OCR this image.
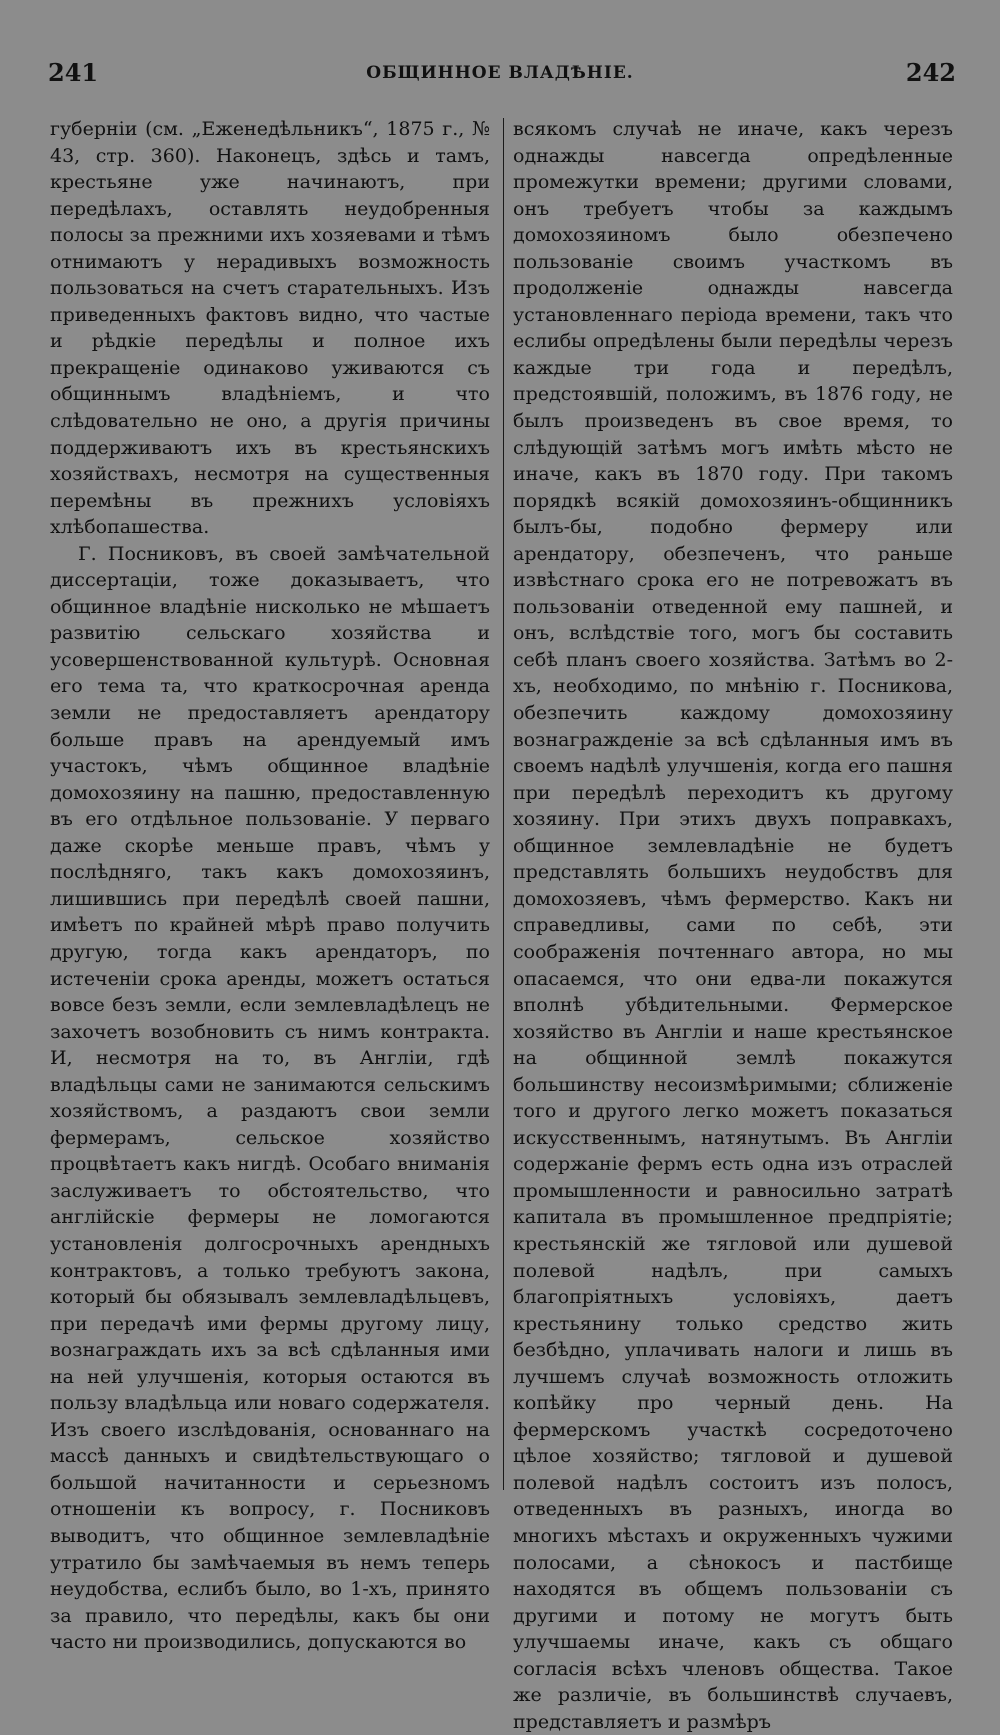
241	ОБЩИННОЕ ВЛАДѢНІЕ.	242

губерніи (см. „Еженедѣльникъ“, 1875 г., № 43, стр. 360). Наконецъ, здѣсь и тамъ, крестьяне уже начинаютъ, при передѣлахъ, оставлять неудобренныя полосы за прежними ихъ хозяевами и тѣмъ отнимаютъ у нерадивыхъ возможность пользоваться на счетъ старательныхъ. Изъ приведенныхъ фактовъ видно, что частые и рѣдкіе передѣлы и полное ихъ прекращеніе одинаково уживаются съ общиннымъ владѣніемъ, и что слѣдовательно не оно, а другія причины поддерживаютъ ихъ въ крестьянскихъ хозяйствахъ, несмотря на существенныя перемѣны въ прежнихъ условіяхъ хлѣбопашества.

Г. Посниковъ, въ своей замѣчательной диссертаціи, тоже доказываетъ, что общинное владѣніе нисколько не мѣшаетъ развитію сельскаго хозяйства и усовершенствованной культурѣ. Основная его тема та, что краткосрочная аренда земли не предоставляетъ арендатору больше правъ на арендуемый имъ участокъ, чѣмъ общинное владѣніе домохозяину на пашню, предоставленную въ его отдѣльное пользованіе. У перваго даже скорѣе меньше правъ, чѣмъ у послѣдняго, такъ какъ домохозяинъ, лишившись при передѣлѣ своей пашни, имѣетъ по крайней мѣрѣ право получить другую, тогда какъ арендаторъ, по истеченіи срока аренды, можетъ остаться вовсе безъ земли, если землевладѣлецъ не захочетъ возобновить съ нимъ контракта. И, несмотря на то, въ Англіи, гдѣ владѣльцы сами не занимаются сельскимъ хозяйствомъ, а раздаютъ свои земли фермерамъ, сельское хозяйство процвѣтаетъ какъ нигдѣ. Особаго вниманія заслуживаетъ то обстоятельство, что англійскіе фермеры не ломогаются установленія долгосрочныхъ арендныхъ контрактовъ, а только требуютъ закона, который бы обязывалъ землевладѣльцевъ, при передачѣ ими фермы другому лицу, вознаграждать ихъ за всѣ сдѣланныя ими на ней улучшенія, которыя остаются въ пользу владѣльца или новаго содержателя. Изъ своего изслѣдованія, основаннаго на массѣ данныхъ и свидѣтельствующаго о большой начитанности и серьезномъ отношеніи къ вопросу, г. Посниковъ выводитъ, что общинное землевладѣніе утратило бы замѣчаемыя въ немъ теперь неудобства, еслибъ было, во 1-хъ, принято за правило, что передѣлы, какъ бы они часто ни производились, допускаются во

всякомъ случаѣ не иначе, какъ черезъ однажды навсегда опредѣленные промежутки времени; другими словами, онъ требуетъ чтобы за каждымъ домохозяиномъ было обезпечено пользованіе своимъ участкомъ въ продолженіе однажды навсегда установленнаго періода времени, такъ что еслибы опредѣлены были передѣлы черезъ каждые три года и передѣлъ, предстоявшій, положимъ, въ 1876 году, не былъ произведенъ въ свое время, то слѣдующій затѣмъ могъ имѣть мѣсто не иначе, какъ въ 1870 году. При такомъ порядкѣ всякій домохозяинъ-общинникъ былъ-бы, подобно фермеру или арендатору, обезпеченъ, что раньше извѣстнаго срока его не потревожатъ въ пользованіи отведенной ему пашней, и онъ, вслѣдствіе того, могъ бы составить себѣ планъ своего хозяйства. Затѣмъ во 2-хъ, необходимо, по мнѣнію г. Посникова, обезпечить каждому домохозяину вознагражденіе за всѣ сдѣланныя имъ въ своемъ надѣлѣ улучшенія, когда его пашня при передѣлѣ переходитъ къ другому хозяину. При этихъ двухъ поправкахъ, общинное землевладѣніе не будетъ представлять большихъ неудобствъ для домохозяевъ, чѣмъ фермерство. Какъ ни справедливы, сами по себѣ, эти соображенія почтеннаго автора, но мы опасаемся, что они едва-ли покажутся вполнѣ убѣдительными. Фермерское хозяйство въ Англіи и наше крестьянское на общинной землѣ покажутся большинству несоизмѣримыми; сближеніе того и другого легко можетъ показаться искусственнымъ, натянутымъ. Въ Англіи содержаніе фермъ есть одна изъ отраслей промышленности и равносильно затратѣ капитала въ промышленное предпріятіе; крестьянскій же тягловой или душевой полевой надѣлъ, при самыхъ благопріятныхъ условіяхъ, даетъ крестьянину только средство жить безбѣдно, уплачивать налоги и лишь въ лучшемъ случаѣ возможность отложить копѣйку про черный день. На фермерскомъ участкѣ сосредоточено цѣлое хозяйство; тягловой и душевой полевой надѣлъ состоитъ изъ полосъ, отведенныхъ въ разныхъ, иногда во многихъ мѣстахъ и окруженныхъ чужими полосами, а сѣнокосъ и пастбище находятся въ общемъ пользованіи съ другими и потому не могутъ быть улучшаемы иначе, какъ съ общаго согласія всѣхъ членовъ общества. Такое же различіе, въ большинствѣ случаевъ, представляетъ и размѣръ
